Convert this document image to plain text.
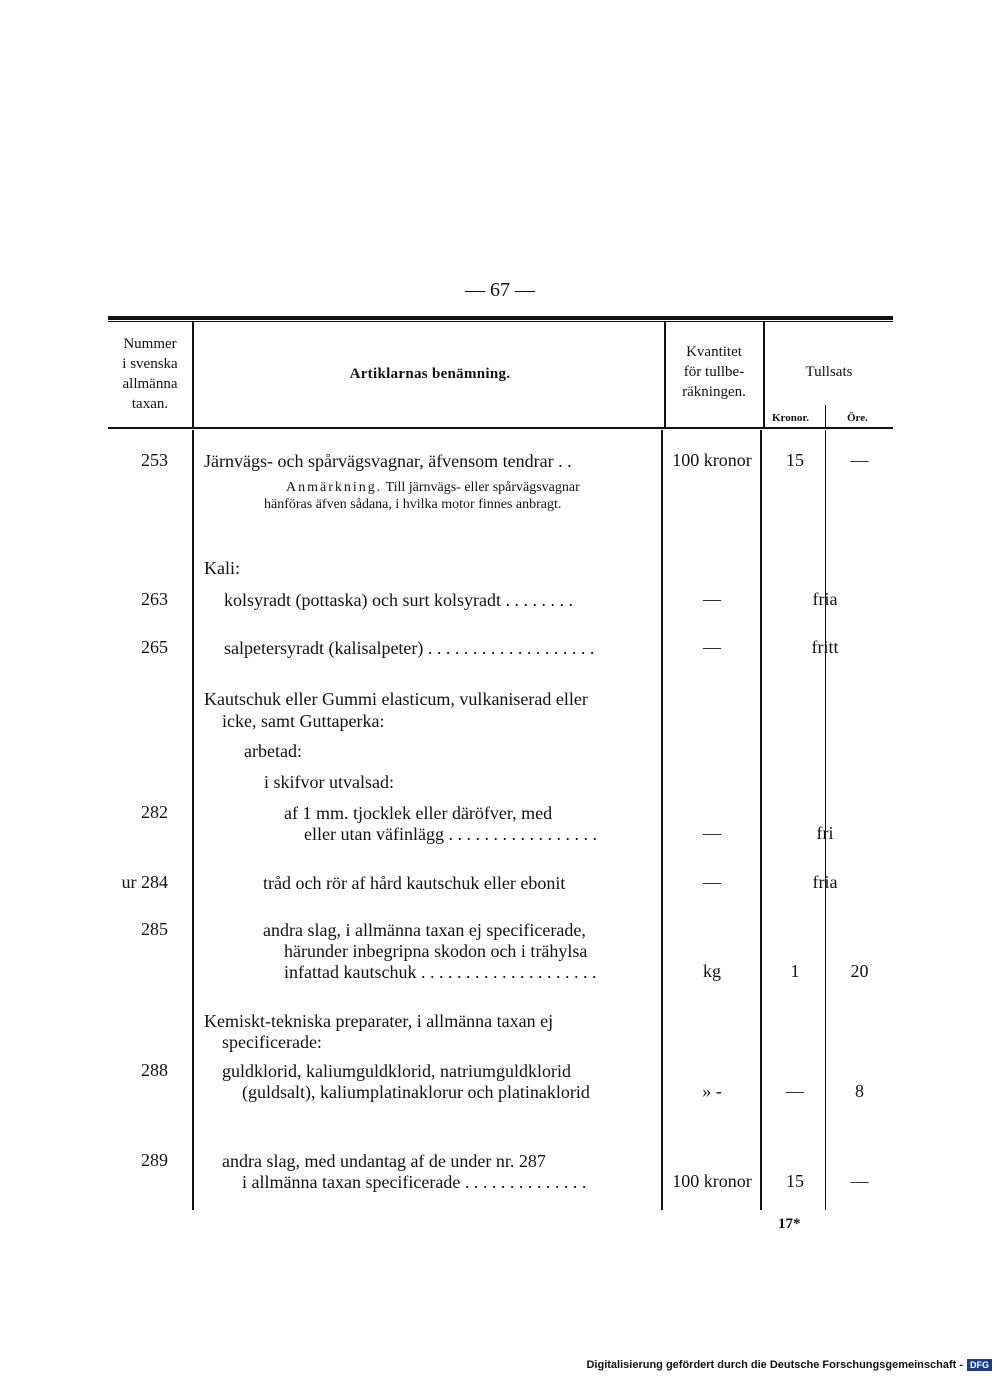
— 67 —
Nummer
i svenska
allmänna
taxan.
Artiklarnas benämning.
Kvantitet
för tullbe-
räkningen.
Tullsats
Kronor.	Öre.
253 Järnvägs- och spårvägsvagnar, äfvensom tendrar . .	100 kronor	15	—
Anmärkning. Till järnvägs- eller spårvägsvagnar
hänföras äfven sådana, i hvilka motor finnes anbragt.
Kali:
263	kolsyradt (pottaska) och surt kolsyradt . . . . . . . .	—	fria
265	salpetersyradt (kalisalpeter) . . . . . . . . . . . . . . . . . . .	—	fritt
Kautschuk eller Gummi elasticum, vulkaniserad eller
icke, samt Guttaperka:
arbetad:
i skifvor utvalsad:
282	af 1 mm. tjocklek eller däröfver, med
eller utan väfinlägg . . . . . . . . . . . . . . . . .	—	fri
ur 284	tråd och rör af hård kautschuk eller ebonit	—	fria
285	andra slag, i allmänna taxan ej specificerade,
härunder inbegripna skodon och i trähylsa
infattad kautschuk . . . . . . . . . . . . . . . . . . . .	kg	1	20
Kemiskt-tekniska preparater, i allmänna taxan ej
specificerade:
288	guldklorid, kaliumguldklorid, natriumguldklorid
(guldsalt), kaliumplatinaklorur och platinaklorid	» -	—	8
289	andra slag, med undantag af de under nr. 287
i allmänna taxan specificerade . . . . . . . . . . . . . .	100 kronor	15	—
17*
Digitalisierung gefördert durch die Deutsche Forschungsgemeinschaft - DFG
